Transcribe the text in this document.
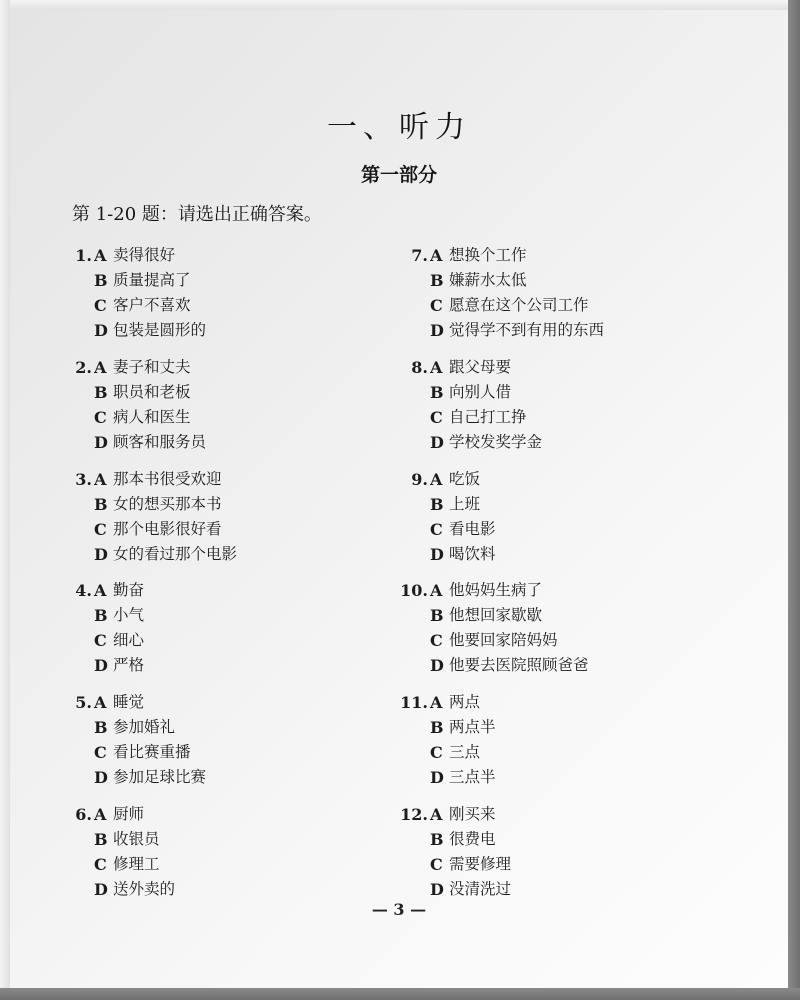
一、听力
第一部分
第 1-20 题：请选出正确答案。
1. A 卖得很好
B 质量提高了
C 客户不喜欢
D 包装是圆形的
2. A 妻子和丈夫
B 职员和老板
C 病人和医生
D 顾客和服务员
3. A 那本书很受欢迎
B 女的想买那本书
C 那个电影很好看
D 女的看过那个电影
4. A 勤奋
B 小气
C 细心
D 严格
5. A 睡觉
B 参加婚礼
C 看比赛重播
D 参加足球比赛
6. A 厨师
B 收银员
C 修理工
D 送外卖的
7. A 想换个工作
B 嫌薪水太低
C 愿意在这个公司工作
D 觉得学不到有用的东西
8. A 跟父母要
B 向别人借
C 自己打工挣
D 学校发奖学金
9. A 吃饭
B 上班
C 看电影
D 喝饮料
10. A 他妈妈生病了
B 他想回家歇歇
C 他要回家陪妈妈
D 他要去医院照顾爸爸
11. A 两点
B 两点半
C 三点
D 三点半
12. A 刚买来
B 很费电
C 需要修理
D 没清洗过
— 3 —
